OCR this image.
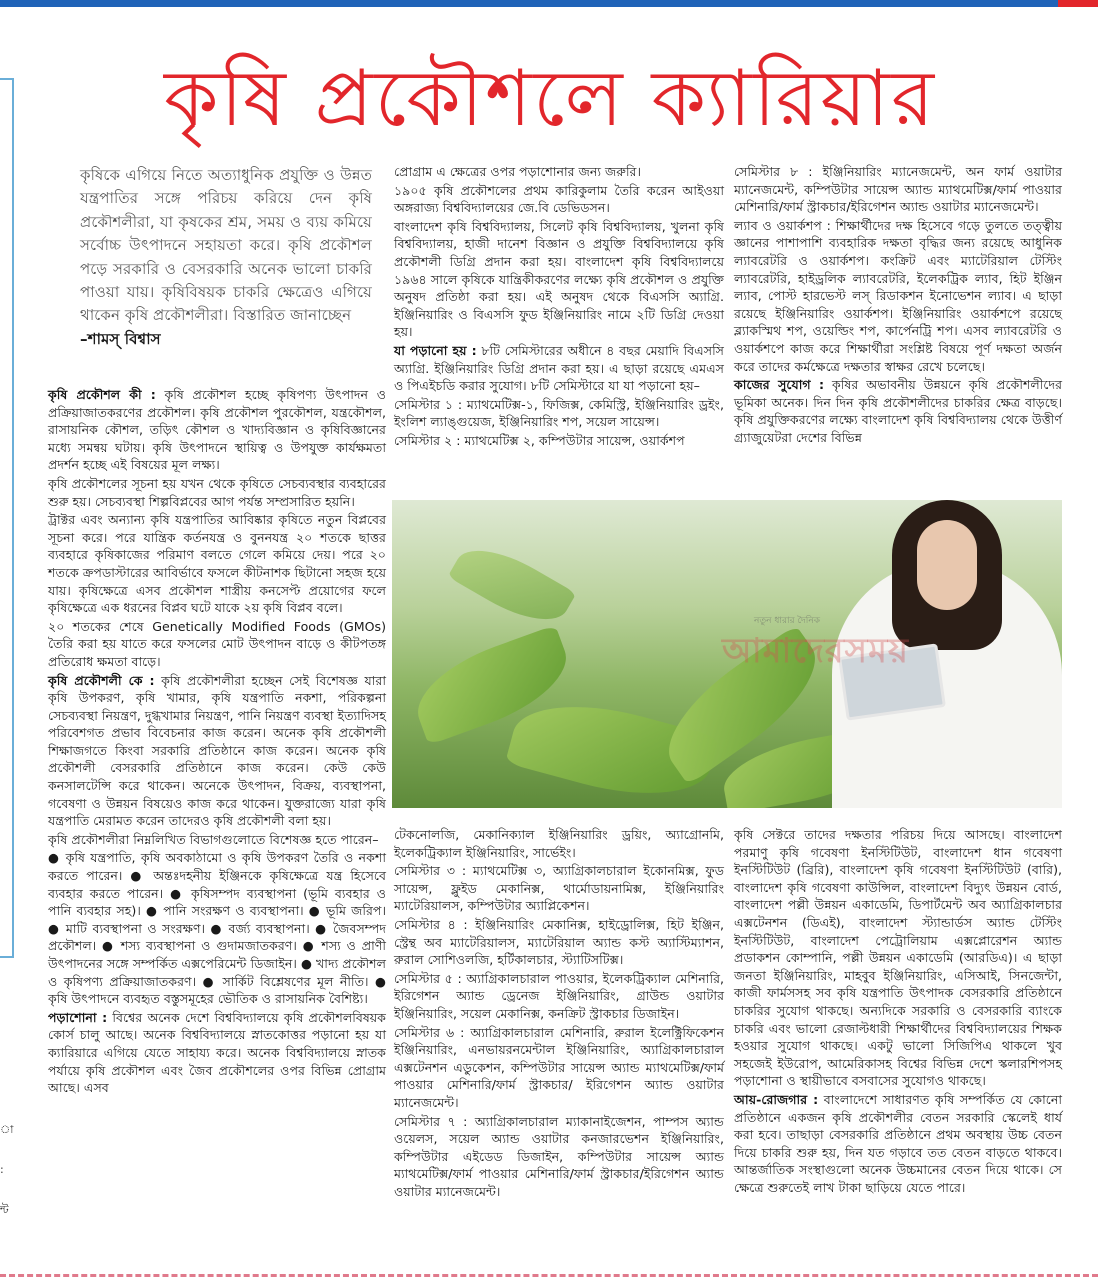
া
:
ন্ট
কৃষি প্রকৌশলে ক্যারিয়ার
কৃষিকে এগিয়ে নিতে অত্যাধুনিক প্রযুক্তি ও উন্নত যন্ত্রপাতির সঙ্গে পরিচয় করিয়ে দেন কৃষি প্রকৌশলীরা, যা কৃষকের শ্রম, সময় ও ব্যয় কমিয়ে সর্বোচ্চ উৎপাদনে সহায়তা করে। কৃষি প্রকৌশল পড়ে সরকারি ও বেসরকারি অনেক ভালো চাকরি পাওয়া যায়। কৃষিবিষয়ক চাকরি ক্ষেত্রেও এগিয়ে থাকেন কৃষি প্রকৌশলীরা। বিস্তারিত জানাচ্ছেন
–শামস্ বিশ্বাস

কৃষি প্রকৌশল কী : কৃষি প্রকৌশল হচ্ছে কৃষিপণ্য উৎপাদন ও প্রক্রিয়াজাতকরণের প্রকৌশল। কৃষি প্রকৌশল পুরকৌশল, যন্ত্রকৌশল, রাসায়নিক কৌশল, তড়িৎ কৌশল ও খাদ্যবিজ্ঞান ও কৃষিবিজ্ঞানের মধ্যে সমন্বয় ঘটায়। কৃষি উৎপাদনে স্থায়িত্ব ও উপযুক্ত কার্যক্ষমতা প্রদর্শন হচ্ছে এই বিষয়ের মূল লক্ষ্য।

কৃষি প্রকৌশলের সূচনা হয় যখন থেকে কৃষিতে সেচব্যবস্থার ব্যবহারের শুরু হয়। সেচব্যবস্থা শিল্পবিপ্লবের আগ পর্যন্ত সম্প্রসারিত হয়নি।

ট্রাক্টর এবং অন্যান্য কৃষি যন্ত্রপাতির আবিষ্কার কৃষিতে নতুন বিপ্লবের সূচনা করে। পরে যান্ত্রিক কর্তনযন্ত্র ও বুননযন্ত্র ২০ শতকে ছাত্তর ব্যবহারে কৃষিকাজের পরিমাণ বলতে গেলে কমিয়ে দেয়। পরে ২০ শতকে ক্রপডাস্টারের আবির্ভাবে ফসলে কীটনাশক ছিটানো সহজ হয়ে যায়। কৃষিক্ষেত্রে এসব প্রকৌশল শাস্ত্রীয় কনসেপ্ট প্রয়োগের ফলে কৃষিক্ষেত্রে এক ধরনের বিপ্লব ঘটে যাকে ২য় কৃষি বিপ্লব বলে।

২০ শতকের শেষে Genetically Modified Foods (GMOs) তৈরি করা হয় যাতে করে ফসলের মোট উৎপাদন বাড়ে ও কীটপতঙ্গ প্রতিরোধ ক্ষমতা বাড়ে।

কৃষি প্রকৌশলী কে : কৃষি প্রকৌশলীরা হচ্ছেন সেই বিশেষজ্ঞ যারা কৃষি উপকরণ, কৃষি খামার, কৃষি যন্ত্রপাতি নকশা, পরিকল্পনা সেচব্যবস্থা নিয়ন্ত্রণ, দুগ্ধখামার নিয়ন্ত্রণ, পানি নিয়ন্ত্রণ ব্যবস্থা ইত্যাদিসহ পরিবেশগত প্রভাব বিবেচনার কাজ করেন। অনেক কৃষি প্রকৌশলী শিক্ষাজগতে কিংবা সরকারি প্রতিষ্ঠানে কাজ করেন। অনেক কৃষি প্রকৌশলী বেসরকারি প্রতিষ্ঠানে কাজ করেন। কেউ কেউ কনসালটেন্সি করে থাকেন। অনেকে উৎপাদন, বিক্রয়, ব্যবস্থাপনা, গবেষণা ও উন্নয়ন বিষয়েও কাজ করে থাকেন। যুক্তরাজ্যে যারা কৃষি যন্ত্রপাতি মেরামত করেন তাদেরও কৃষি প্রকৌশলী বলা হয়।

কৃষি প্রকৌশলীরা নিম্নলিখিত বিভাগগুলোতে বিশেষজ্ঞ হতে পারেন–

● কৃষি যন্ত্রপাতি, কৃষি অবকাঠামো ও কৃষি উপকরণ তৈরি ও নকশা করতে পারেন। ● অন্তঃদহনীয় ইঞ্জিনকে কৃষিক্ষেত্রে যন্ত্র হিসেবে ব্যবহার করতে পারেন। ● কৃষিসম্পদ ব্যবস্থাপনা (ভূমি ব্যবহার ও পানি ব্যবহার সহ)। ● পানি সংরক্ষণ ও ব্যবস্থাপনা। ● ভূমি জরিপ। ● মাটি ব্যবস্থাপনা ও সংরক্ষণ। ● বর্জ্য ব্যবস্থাপনা। ● জৈবসম্পদ প্রকৌশল। ● শস্য ব্যবস্থাপনা ও গুদামজাতকরণ। ● শস্য ও প্রাণী উৎপাদনের সঙ্গে সম্পর্কিত এক্সপেরিমেন্ট ডিজাইন। ● খাদ্য প্রকৌশল ও কৃষিপণ্য প্রক্রিয়াজাতকরণ। ● সার্কিট বিশ্লেষণের মূল নীতি। ● কৃষি উৎপাদনে ব্যবহৃত বস্তুসমূহের ভৌতিক ও রাসায়নিক বৈশিষ্ট্য।

পড়াশোনা : বিশ্বের অনেক দেশে বিশ্ববিদ্যালয়ে কৃষি প্রকৌশলবিষয়ক কোর্স চালু আছে। অনেক বিশ্ববিদ্যালয়ে স্নাতকোত্তর পড়ানো হয় যা ক্যারিয়ারে এগিয়ে যেতে সাহায্য করে। অনেক বিশ্ববিদ্যালয়ে স্নাতক পর্যায়ে কৃষি প্রকৌশল এবং জৈব প্রকৌশলের ওপর বিভিন্ন প্রোগ্রাম আছে। এসব

প্রোগ্রাম এ ক্ষেত্রের ওপর পড়াশোনার জন্য জরুরি।

১৯০৫ কৃষি প্রকৌশলের প্রথম কারিকুলাম তৈরি করেন আইওয়া অঙ্গরাজ্য বিশ্ববিদ্যালয়ের জে.বি ডেভিডসন।

বাংলাদেশ কৃষি বিশ্ববিদ্যালয়, সিলেট কৃষি বিশ্ববিদ্যালয়, খুলনা কৃষি বিশ্ববিদ্যালয়, হাজী দানেশ বিজ্ঞান ও প্রযুক্তি বিশ্ববিদ্যালয়ে কৃষি প্রকৌশলী ডিগ্রি প্রদান করা হয়। বাংলাদেশ কৃষি বিশ্ববিদ্যালয়ে ১৯৬৪ সালে কৃষিকে যান্ত্রিকীকরণের লক্ষ্যে কৃষি প্রকৌশল ও প্রযুক্তি অনুষদ প্রতিষ্ঠা করা হয়। এই অনুষদ থেকে বিএসসি অ্যাগ্রি. ইঞ্জিনিয়ারিং ও বিএসসি ফুড ইঞ্জিনিয়ারিং নামে ২টি ডিগ্রি দেওয়া হয়।

যা পড়ানো হয় : ৮টি সেমিস্টারের অধীনে ৪ বছর মেয়াদি বিএসসি অ্যাগ্রি. ইঞ্জিনিয়ারিং ডিগ্রি প্রদান করা হয়। এ ছাড়া রয়েছে এমএস ও পিএইচডি করার সুযোগ। ৮টি সেমিস্টারে যা যা পড়ানো হয়–

সেমিস্টার ১ : ম্যাথমেটিক্স-১, ফিজিক্স, কেমিস্ট্রি, ইঞ্জিনিয়ারিং ড্রইং, ইংলিশ ল্যাঙ্গুয়েজ, ইঞ্জিনিয়ারিং শপ, সয়েল সায়েন্স।

সেমিস্টার ২ : ম্যাথমেটিক্স ২, কম্পিউটার সায়েন্স, ওয়ার্কশপ

সেমিস্টার ৮ : ইঞ্জিনিয়ারিং ম্যানেজমেন্ট, অন ফার্ম ওয়াটার ম্যানেজমেন্ট, কম্পিউটার সায়েন্স অ্যান্ড ম্যাথমেটিক্স/ফার্ম পাওয়ার মেশিনারি/ফার্ম স্ট্রাকচার/ইরিগেশন অ্যান্ড ওয়াটার ম্যানেজমেন্ট।

ল্যাব ও ওয়ার্কশপ : শিক্ষার্থীদের দক্ষ হিসেবে গড়ে তুলতে তত্ত্বীয় জ্ঞানের পাশাপাশি ব্যবহারিক দক্ষতা বৃদ্ধির জন্য রয়েছে আধুনিক ল্যাবরেটরি ও ওয়ার্কশপ। কংক্রিট এবং ম্যাটেরিয়াল টেস্টিং ল্যাবরেটরি, হাইড্রলিক ল্যাবরেটরি, ইলেকট্রিক ল্যাব, হিট ইঞ্জিন ল্যাব, পোস্ট হারভেস্ট লস্ রিডাকশন ইনোভেশন ল্যাব। এ ছাড়া রয়েছে ইঞ্জিনিয়ারিং ওয়ার্কশপ। ইঞ্জিনিয়ারিং ওয়ার্কশপে রয়েছে ব্ল্যাকস্মিথ শপ, ওয়েল্ডিং শপ, কার্পেনট্রি শপ। এসব ল্যাবরেটরি ও ওয়ার্কশপে কাজ করে শিক্ষার্থীরা সংশ্লিষ্ট বিষয়ে পূর্ণ দক্ষতা অর্জন করে তাদের কর্মক্ষেত্রে দক্ষতার স্বাক্ষর রেখে চলেছে।

কাজের সুযোগ : কৃষির অভাবনীয় উন্নয়নে কৃষি প্রকৌশলীদের ভূমিকা অনেক। দিন দিন কৃষি প্রকৌশলীদের চাকরির ক্ষেত্র বাড়ছে। কৃষি প্রযুক্তিকরণের লক্ষ্যে বাংলাদেশ কৃষি বিশ্ববিদ্যালয় থেকে উত্তীর্ণ গ্র্যাজুয়েটরা দেশের বিভিন্ন

টেকনোলজি, মেকানিক্যাল ইঞ্জিনিয়ারিং ড্রয়িং, অ্যাগ্রোনমি, ইলেকট্রিক্যাল ইঞ্জিনিয়ারিং, সার্ভেইং।

সেমিস্টার ৩ : ম্যাথমেটিক্স ৩, অ্যাগ্রিকালচারাল ইকোনমিক্স, ফুড সায়েন্স, ফ্লুইড মেকানিক্স, থার্মোডায়নামিক্স, ইঞ্জিনিয়ারিং ম্যাটেরিয়ালস, কম্পিউটার অ্যাপ্লিকেশন।

সেমিস্টার ৪ : ইঞ্জিনিয়ারিং মেকানিক্স, হাইড্রোলিক্স, হিট ইঞ্জিন, স্ট্রেন্থ অব ম্যাটেরিয়ালস, ম্যাটেরিয়াল অ্যান্ড কস্ট অ্যাস্টিম্যাশন, রুরাল সোশিওলজি, হর্টিকালচার, স্ট্যাটিসটিক্স।

সেমিস্টার ৫ : অ্যাগ্রিকালচারাল পাওয়ার, ইলেকট্রিক্যাল মেশিনারি, ইরিগেশন অ্যান্ড ড্রেনেজ ইঞ্জিনিয়ারিং, গ্রাউন্ড ওয়াটার ইঞ্জিনিয়ারিং, সয়েল মেকানিক্স, কনক্রিট স্ট্রাকচার ডিজাইন।

সেমিস্টার ৬ : অ্যাগ্রিকালচারাল মেশিনারি, রুরাল ইলেক্ট্রিফিকেশন ইঞ্জিনিয়ারিং, এনভায়রনমেন্টাল ইঞ্জিনিয়ারিং, অ্যাগ্রিকালচারাল এক্সটেনশন এডুকেশন, কম্পিউটার সায়েন্স অ্যান্ড ম্যাথমেটিক্স/ফার্ম পাওয়ার মেশিনারি/ফার্ম স্ট্রাকচার/ ইরিগেশন অ্যান্ড ওয়াটার ম্যানেজমেন্ট।

সেমিস্টার ৭ : অ্যাগ্রিকালচারাল ম্যাকানাইজেশন, পাম্পস অ্যান্ড ওয়েলস, সয়েল অ্যান্ড ওয়াটার কনজারভেশন ইঞ্জিনিয়ারিং, কম্পিউটার এইডেড ডিজাইন, কম্পিউটার সায়েন্স অ্যান্ড ম্যাথমেটিক্স/ফার্ম পাওয়ার মেশিনারি/ফার্ম স্ট্রাকচার/ইরিগেশন অ্যান্ড ওয়াটার ম্যানেজমেন্ট।

কৃষি সেক্টরে তাদের দক্ষতার পরিচয় দিয়ে আসছে। বাংলাদেশ পরমাণু কৃষি গবেষণা ইনস্টিটিউট, বাংলাদেশ ধান গবেষণা ইনস্টিটিউট (ব্রিরি), বাংলাদেশ কৃষি গবেষণা ইনস্টিটিউট (বারি), বাংলাদেশ কৃষি গবেষণা কাউন্সিল, বাংলাদেশ বিদ্যুৎ উন্নয়ন বোর্ড, বাংলাদেশ পল্লী উন্নয়ন একাডেমি, ডিপার্টমেন্ট অব অ্যাগ্রিকালচার এক্সটেনশন (ডিএই), বাংলাদেশ স্ট্যান্ডার্ডস অ্যান্ড টেস্টিং ইনস্টিটিউট, বাংলাদেশ পেট্রোলিয়াম এক্সপ্লোরেশন অ্যান্ড প্রডাকশন কোম্পানি, পল্লী উন্নয়ন একাডেমি (আরডিএ)। এ ছাড়া জনতা ইঞ্জিনিয়ারিং, মাহবুব ইঞ্জিনিয়ারিং, এসিআই, সিনজেন্টা, কাজী ফার্মসসহ সব কৃষি যন্ত্রপাতি উৎপাদক বেসরকারি প্রতিষ্ঠানে চাকরির সুযোগ থাকছে। অন্যদিকে সরকারি ও বেসরকারি ব্যাংকে চাকরি এবং ভালো রেজাল্টধারী শিক্ষার্থীদের বিশ্ববিদ্যালয়ের শিক্ষক হওয়ার সুযোগ থাকছে। একটু ভালো সিজিপিএ থাকলে খুব সহজেই ইউরোপ, আমেরিকাসহ বিশ্বের বিভিন্ন দেশে স্কলারশিপসহ পড়াশোনা ও স্থায়ীভাবে বসবাসের সুযোগও থাকছে।

আয়-রোজগার : বাংলাদেশে সাধারণত কৃষি সম্পর্কিত যে কোনো প্রতিষ্ঠানে একজন কৃষি প্রকৌশলীর বেতন সরকারি স্কেলেই ধার্য করা হবে। তাছাড়া বেসরকারি প্রতিষ্ঠানে প্রথম অবস্থায় উচ্চ বেতন দিয়ে চাকরি শুরু হয়, দিন যত গড়াবে তত বেতন বাড়তে থাকবে। আন্তর্জাতিক সংস্থাগুলো অনেক উচ্চমানের বেতন দিয়ে থাকে। সে ক্ষেত্রে শুরুতেই লাখ টাকা ছাড়িয়ে যেতে পারে।

নতুন ধারার দৈনিক
আমাদেরসময়
